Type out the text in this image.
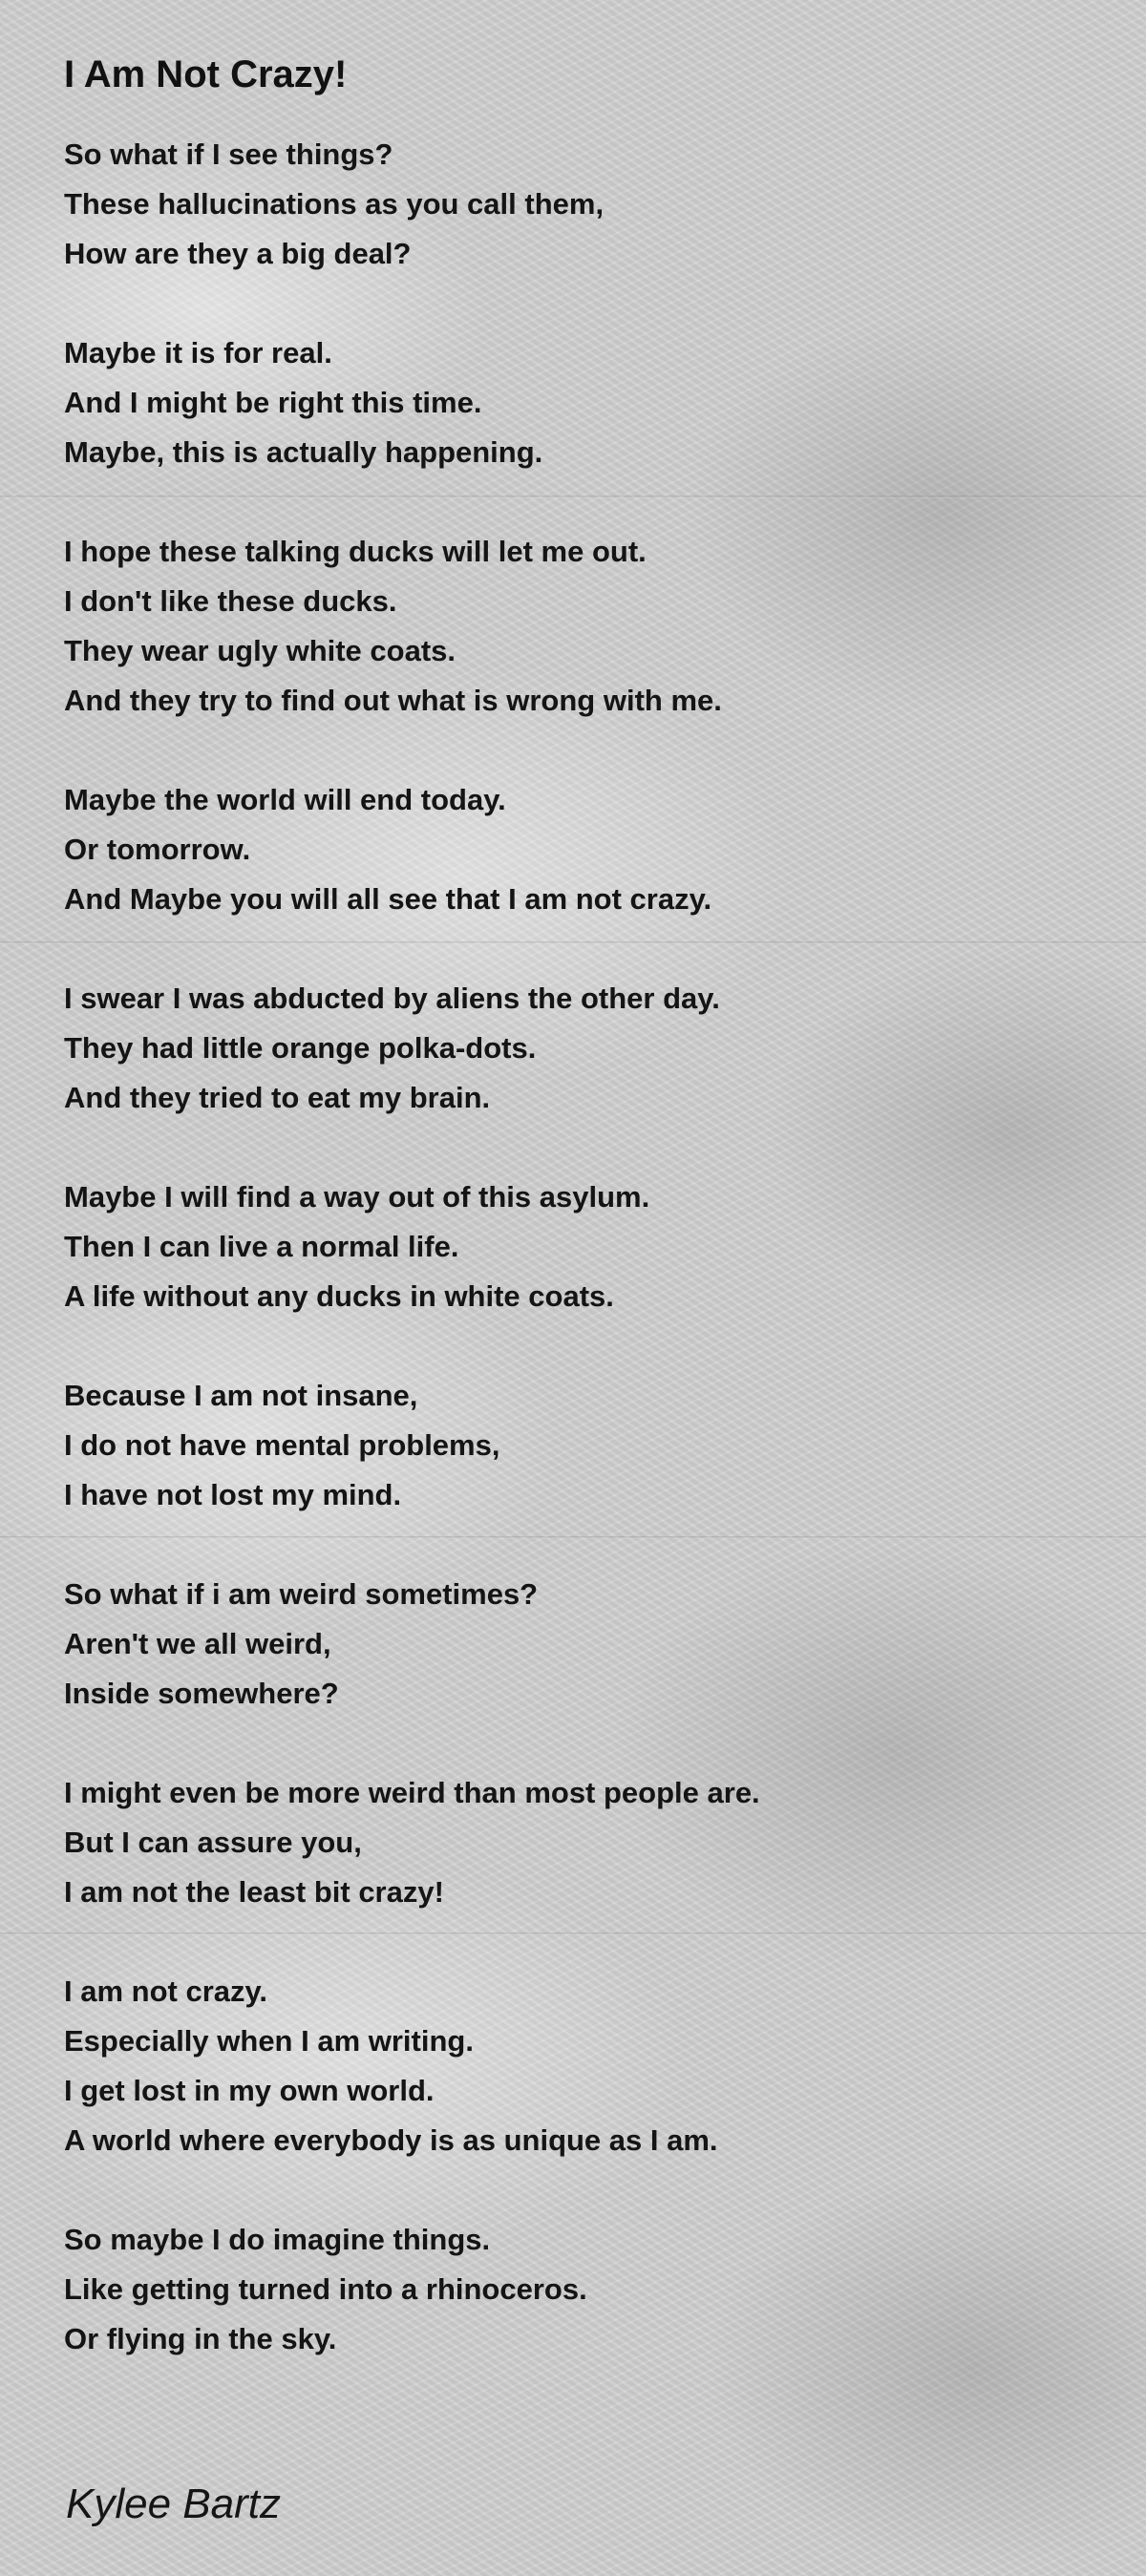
I Am Not Crazy!
So what if I see things?
These hallucinations as you call them,
How are they a big deal?
Maybe it is for real.
And I might be right this time.
Maybe, this is actually happening.
I hope these talking ducks will let me out.
I don't like these ducks.
They wear ugly white coats.
And they try to find out what is wrong with me.
Maybe the world will end today.
Or tomorrow.
And Maybe you will all see that I am not crazy.
I swear I was abducted by aliens the other day.
They had little orange polka-dots.
And they tried to eat my brain.
Maybe I will find a way out of this asylum.
Then I can live a normal life.
A life without any ducks in white coats.
Because I am not insane,
I do not have mental problems,
I have not lost my mind.
So what if i am weird sometimes?
Aren't we all weird,
Inside somewhere?
I might even be more weird than most people are.
But I can assure you,
I am not the least bit crazy!
I am not crazy.
Especially when I am writing.
I get lost in my own world.
A world where everybody is as unique as I am.
So maybe I do imagine things.
Like getting turned into a rhinoceros.
Or flying in the sky.
Kylee Bartz
